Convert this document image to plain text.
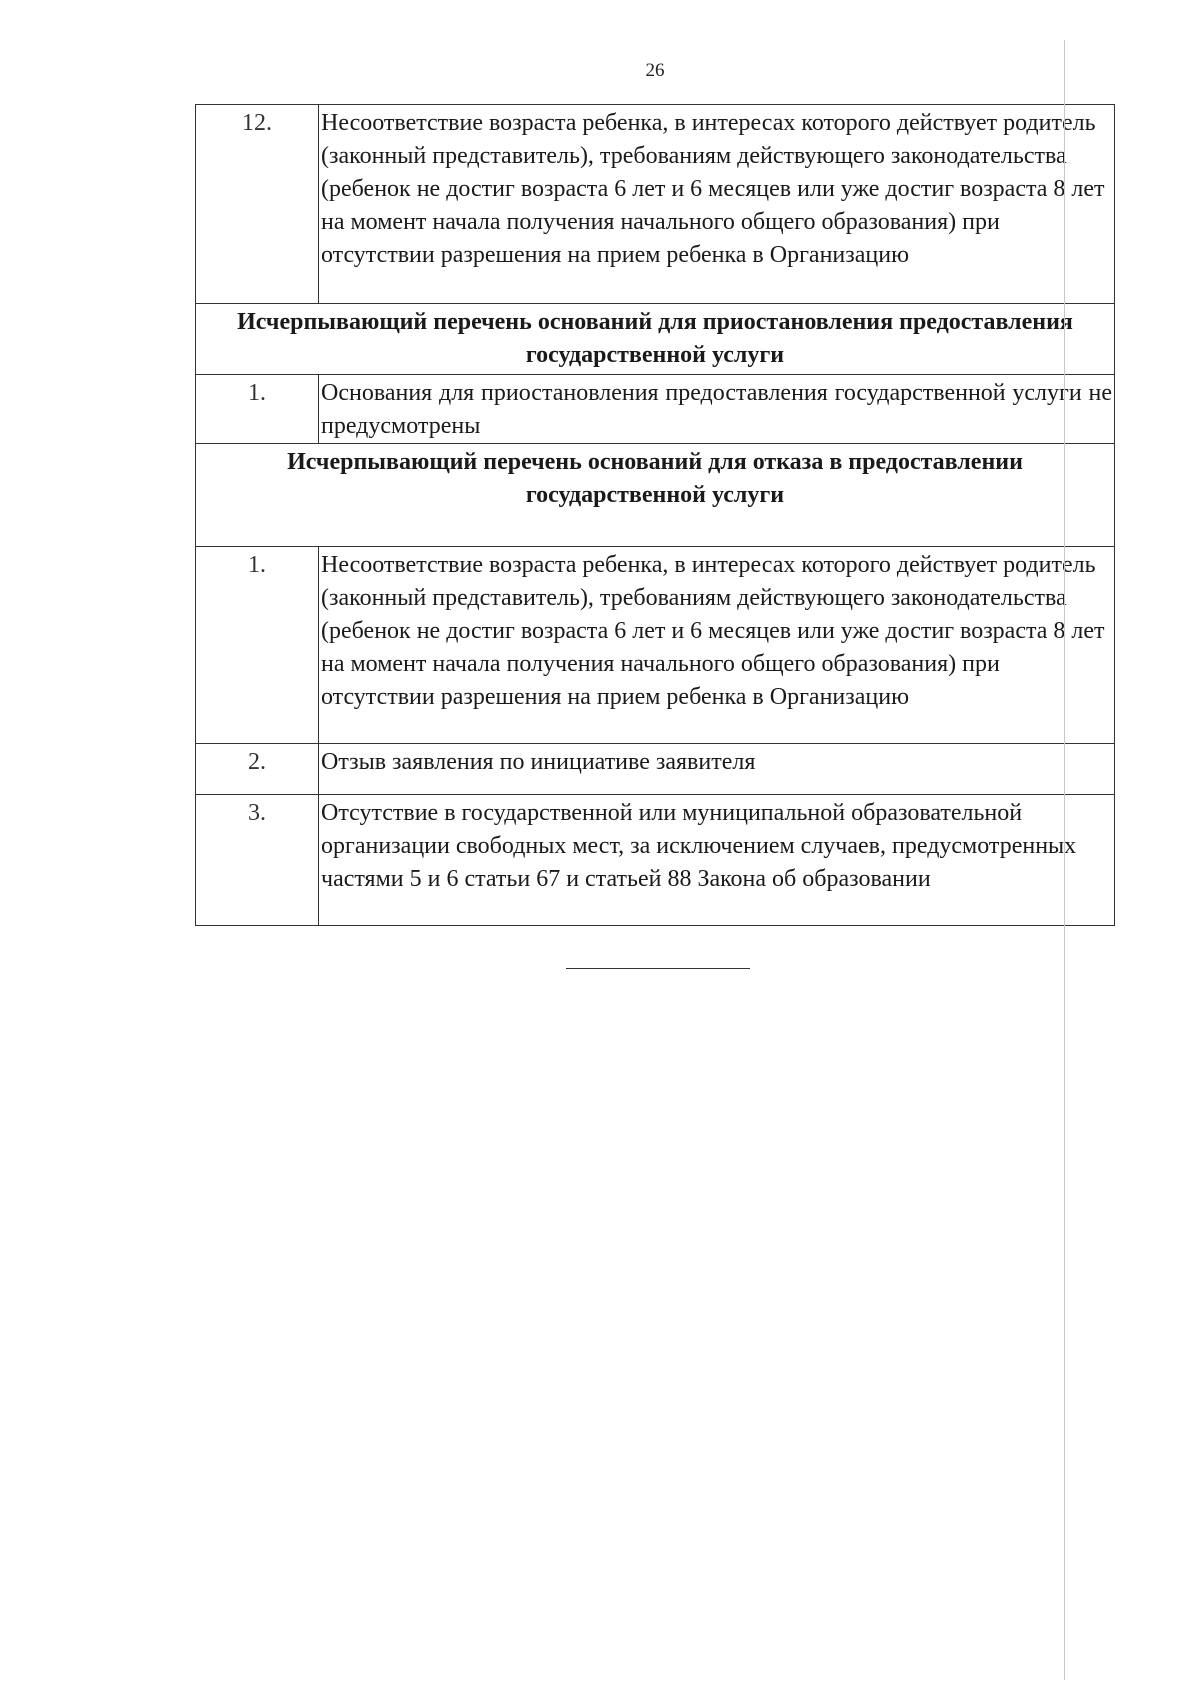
26
12.	Несоответствие возраста ребенка, в интересах которого действует родитель (законный представитель), требованиям действующего законодательства (ребенок не достиг возраста 6 лет и 6 месяцев или уже достиг возраста 8 лет на момент начала получения начального общего образования) при отсутствии разрешения на прием ребенка в Организацию
Исчерпывающий перечень оснований для приостановления предоставления государственной услуги	
1.	Основания для приостановления предоставления государственной услуги не предусмотрены
Исчерпывающий перечень оснований для отказа в предоставлении государственной услуги	
1.	Несоответствие возраста ребенка, в интересах которого действует родитель (законный представитель), требованиям действующего законодательства (ребенок не достиг возраста 6 лет и 6 месяцев или уже достиг возраста 8 лет на момент начала получения начального общего образования) при отсутствии разрешения на прием ребенка в Организацию
2.	Отзыв заявления по инициативе заявителя
3.	Отсутствие в государственной или муниципальной образовательной организации свободных мест, за исключением случаев, предусмотренных частями 5 и 6 статьи 67 и статьей 88 Закона об образовании
